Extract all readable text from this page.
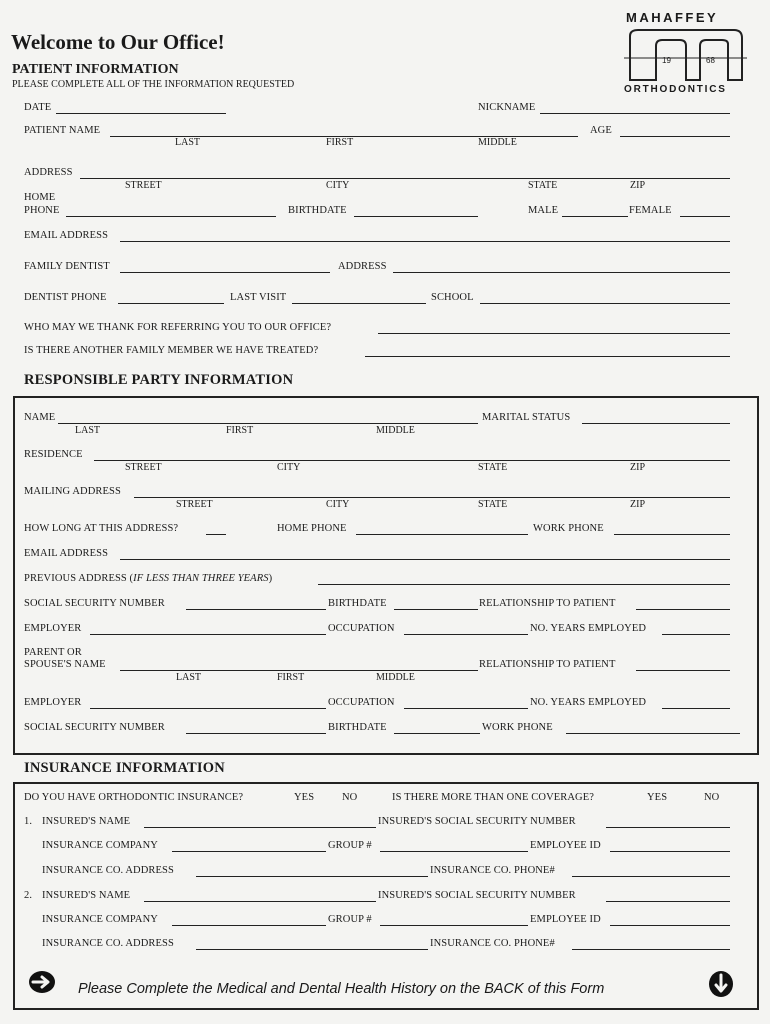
MAHAFFEY
19	68
ORTHODONTICS
Welcome to Our Office!
PATIENT INFORMATION
PLEASE COMPLETE ALL OF THE INFORMATION REQUESTED
DATE	NICKNAME
PATIENT NAME	AGE
LAST	FIRST	MIDDLE
ADDRESS
STREET	CITY	STATE	ZIP
HOME
PHONE	BIRTHDATE	MALE	FEMALE
EMAIL ADDRESS
FAMILY DENTIST	ADDRESS
DENTIST PHONE	LAST VISIT	SCHOOL
WHO MAY WE THANK FOR REFERRING YOU TO OUR OFFICE?
IS THERE ANOTHER FAMILY MEMBER WE HAVE TREATED?
RESPONSIBLE PARTY INFORMATION
NAME	MARITAL STATUS
LAST	FIRST	MIDDLE
RESIDENCE
STREET	CITY	STATE	ZIP
MAILING ADDRESS
STREET	CITY	STATE	ZIP
HOW LONG AT THIS ADDRESS?	HOME PHONE	WORK PHONE
EMAIL ADDRESS
PREVIOUS ADDRESS (IF LESS THAN THREE YEARS)
SOCIAL SECURITY NUMBER	BIRTHDATE	RELATIONSHIP TO PATIENT
EMPLOYER	OCCUPATION	NO. YEARS EMPLOYED
PARENT OR
SPOUSE'S NAME	RELATIONSHIP TO PATIENT
LAST	FIRST	MIDDLE
EMPLOYER	OCCUPATION	NO. YEARS EMPLOYED
SOCIAL SECURITY NUMBER	BIRTHDATE	WORK PHONE
INSURANCE INFORMATION
DO YOU HAVE ORTHODONTIC INSURANCE?	YES	NO	IS THERE MORE THAN ONE COVERAGE?	YES	NO
1. INSURED'S NAME	INSURED'S SOCIAL SECURITY NUMBER
INSURANCE COMPANY	GROUP #	EMPLOYEE ID
INSURANCE CO. ADDRESS	INSURANCE CO. PHONE#
2. INSURED'S NAME	INSURED'S SOCIAL SECURITY NUMBER
INSURANCE COMPANY	GROUP #	EMPLOYEE ID
INSURANCE CO. ADDRESS	INSURANCE CO. PHONE#
Please Complete the Medical and Dental Health History on the BACK of this Form
